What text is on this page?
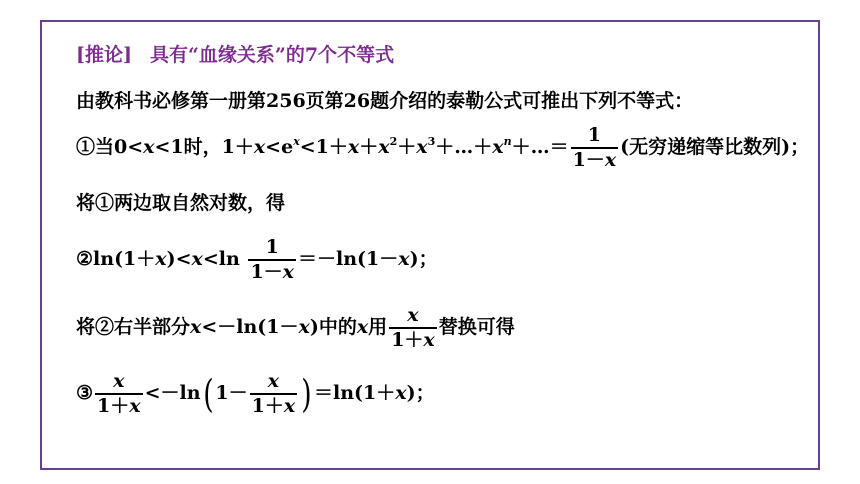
[推论] 具有“血缘关系”的7个不等式
由教科书必修第一册第256页第26题介绍的泰勒公式可推出下列不等式：
①当0<x<1时，$1+x<e^x<1+x+x^2+x^3+\dots+x^n+\dots= \frac{1}{1-x}$ (无穷递缩等比数列)；
将①两边取自然对数，得
②ln(1＋x)<x<ln $\frac{1}{1-x} =-\ln(1-x)$；
将②右半部分x<－ln(1－x)中的x用 $\frac{x}{1+x}$ 替换可得
③ $\frac{x}{1+x} <-\ln$( $1- \frac{x}{1+x}$ ) ＝ln(1＋x)；
